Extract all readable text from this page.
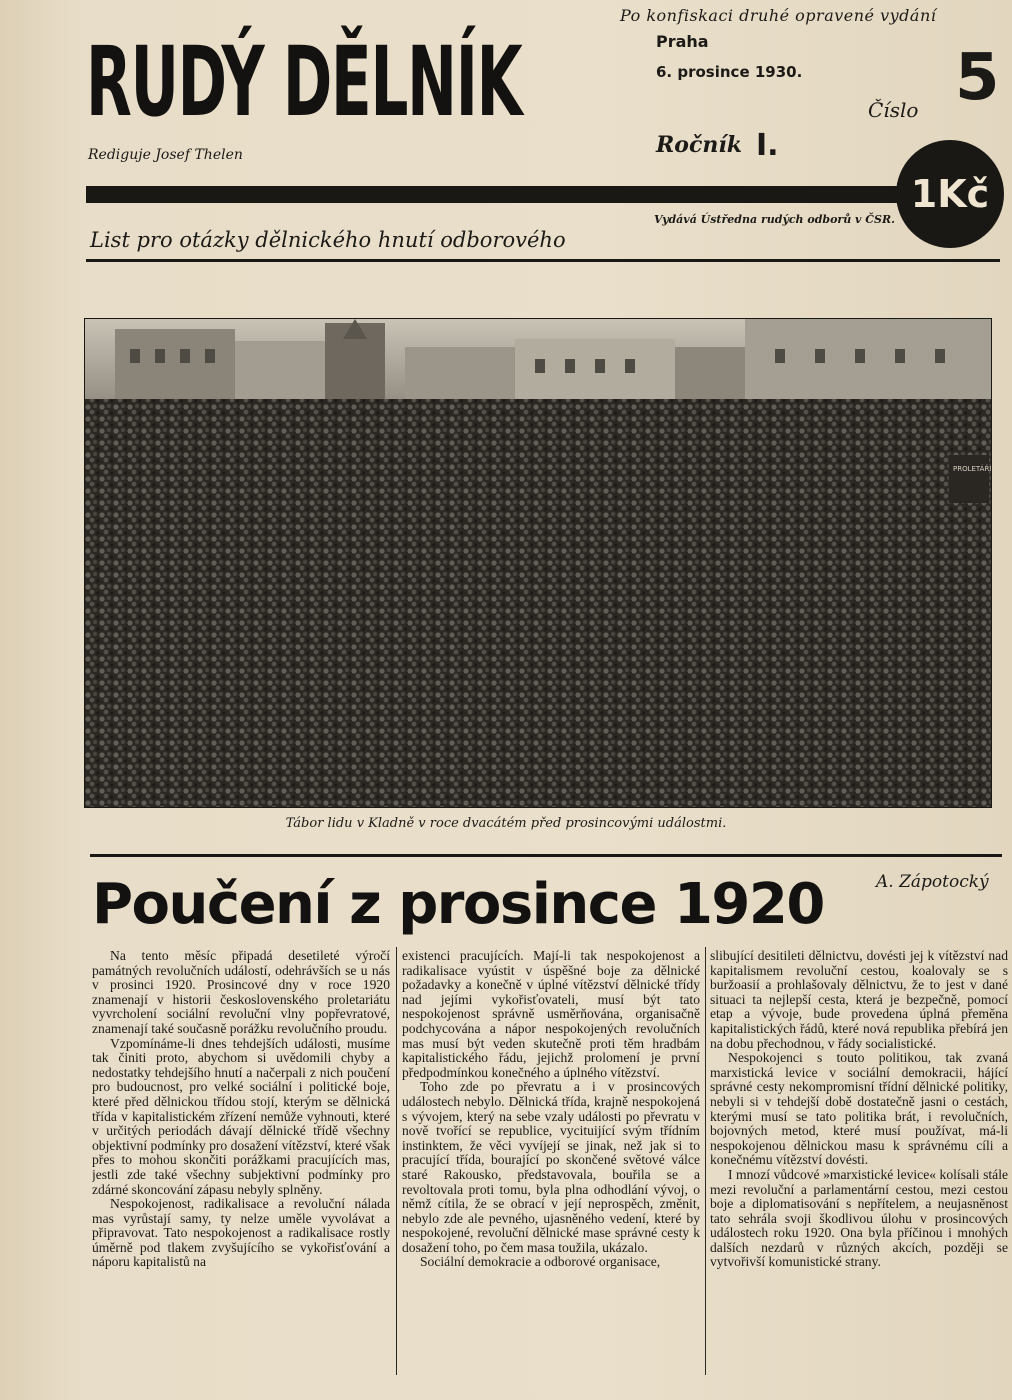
RUDÝ DĚLNÍK
Rediguje Josef Thelen
Po konfiskaci druhé opravené vydání
Praha
6. prosince 1930. 5
Číslo
Ročník I.
1Kč
Vydává Ústředna rudých odborů v ČSR.
List pro otázky dělnického hnutí odborového
PROLETÁŘI
Tábor lidu v Kladně v roce dvacátém před prosincovými událostmi.
Poučení z prosince 1920	A. Zápotocký

Na tento měsíc připadá desetileté výročí památných revolučních událostí, odehrávších se u nás v prosinci 1920. Prosincové dny v roce 1920 znamenají v historii československého proletariátu vyvrcholení sociální revoluční vlny popřevratové, znamenají také současně porážku revolučního proudu.

Vzpomínáme-li dnes tehdejších události, musíme tak činiti proto, abychom si uvědomili chyby a nedostatky tehdejšího hnutí a načerpali z nich poučení pro budoucnost, pro velké sociální i politické boje, které před dělnickou třídou stojí, kterým se dělnická třída v kapitalistickém zřízení nemůže vyhnouti, které v určitých periodách dávají dělnické třídě všechny objektivní podmínky pro dosažení vítězství, které však přes to mohou skončiti porážkami pracujících mas, jestli zde také všechny subjektivní podmínky pro zdárné skoncování zápasu nebyly splněny.

Nespokojenost, radikalisace a revoluční nálada mas vyrůstají samy, ty nelze uměle vyvolávat a připravovat. Tato nespokojenost a radikalisace rostly úměrně pod tlakem zvyšujícího se vykořisťování a náporu kapitalistů na

existenci pracujících. Mají-li tak nespokojenost a radikalisace vyústit v úspěšné boje za dělnické požadavky a konečně v úplné vítězství dělnické třídy nad jejími vykořisťovateli, musí být tato nespokojenost správně usměrňována, organisačně podchycována a nápor nespokojených revolučních mas musí být veden skutečně proti těm hradbám kapitalistického řádu, jejichž prolomení je první předpodmínkou konečného a úplného vítězství.

Toho zde po převratu a i v prosincových událostech nebylo. Dělnická třída, krajně nespokojená s vývojem, který na sebe vzaly události po převratu v nově tvořící se republice, vycituijící svým třídním instinktem, že věci vyvíjejí se jinak, než jak si to pracující třída, bourající po skončené světové válce staré Rakousko, představovala, bouřila se a revoltovala proti tomu, byla plna odhodlání vývoj, o němž cítila, že se obrací v její neprospěch, změnit, nebylo zde ale pevného, ujasněného vedení, které by nespokojené, revoluční dělnické mase správné cesty k dosažení toho, po čem masa toužila, ukázalo.

Sociální demokracie a odborové organisace,

slibující desitileti dělnictvu, dovésti jej k vítězství nad kapitalismem revoluční cestou, koalovaly se s buržoasií a prohlašovaly dělnictvu, že to jest v dané situaci ta nejlepší cesta, která je bezpečně, pomocí etap a vývoje, bude provedena úplná přeměna kapitalistických řádů, které nová republika přebírá jen na dobu přechodnou, v řády socialistické.

Nespokojenci s touto politikou, tak zvaná marxistická levice v sociální demokracii, hájící správné cesty nekompromisní třídní dělnické politiky, nebyli si v tehdejší době dostatečně jasni o cestách, kterými musí se tato politika brát, i revolučních, bojovných metod, které musí používat, má-li nespokojenou dělnickou masu k správnému cíli a konečnému vítězství dovésti.

I mnozí vůdcové »marxistické levice« kolísali stále mezi revoluční a parlamentární cestou, mezi cestou boje a diplomatisování s nepřítelem, a neujasněnost tato sehrála svoji škodlivou úlohu v prosincových událostech roku 1920. Ona byla příčinou i mnohých dalších nezdarů v různých akcích, později se vytvořivší komunistické strany.
